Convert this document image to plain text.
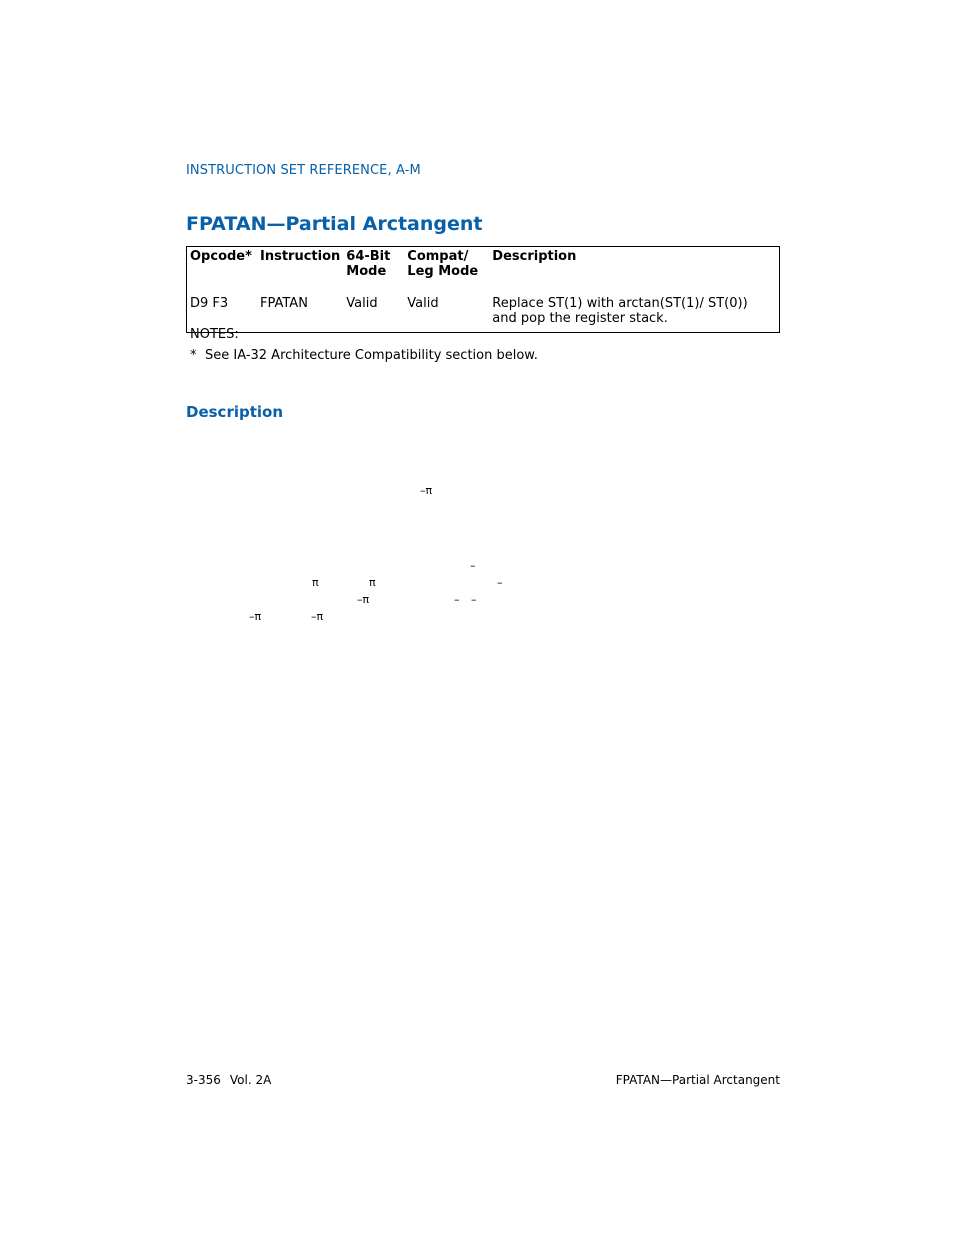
INSTRUCTION SET REFERENCE, A-M
FPATAN—Partial Arctangent
Opcode*	Instruction	64-Bit Mode	Compat/ Leg Mode	Description
D9 F3	FPATAN	Valid	Valid	Replace ST(1) with arctan(ST(1)/ ST(0)) and pop the register stack.
NOTES:
* See IA-32 Architecture Compatibility section below.
Description
–π
–
π	π	–
–π	– –
–π	–π
3-356 Vol. 2A	FPATAN—Partial Arctangent
